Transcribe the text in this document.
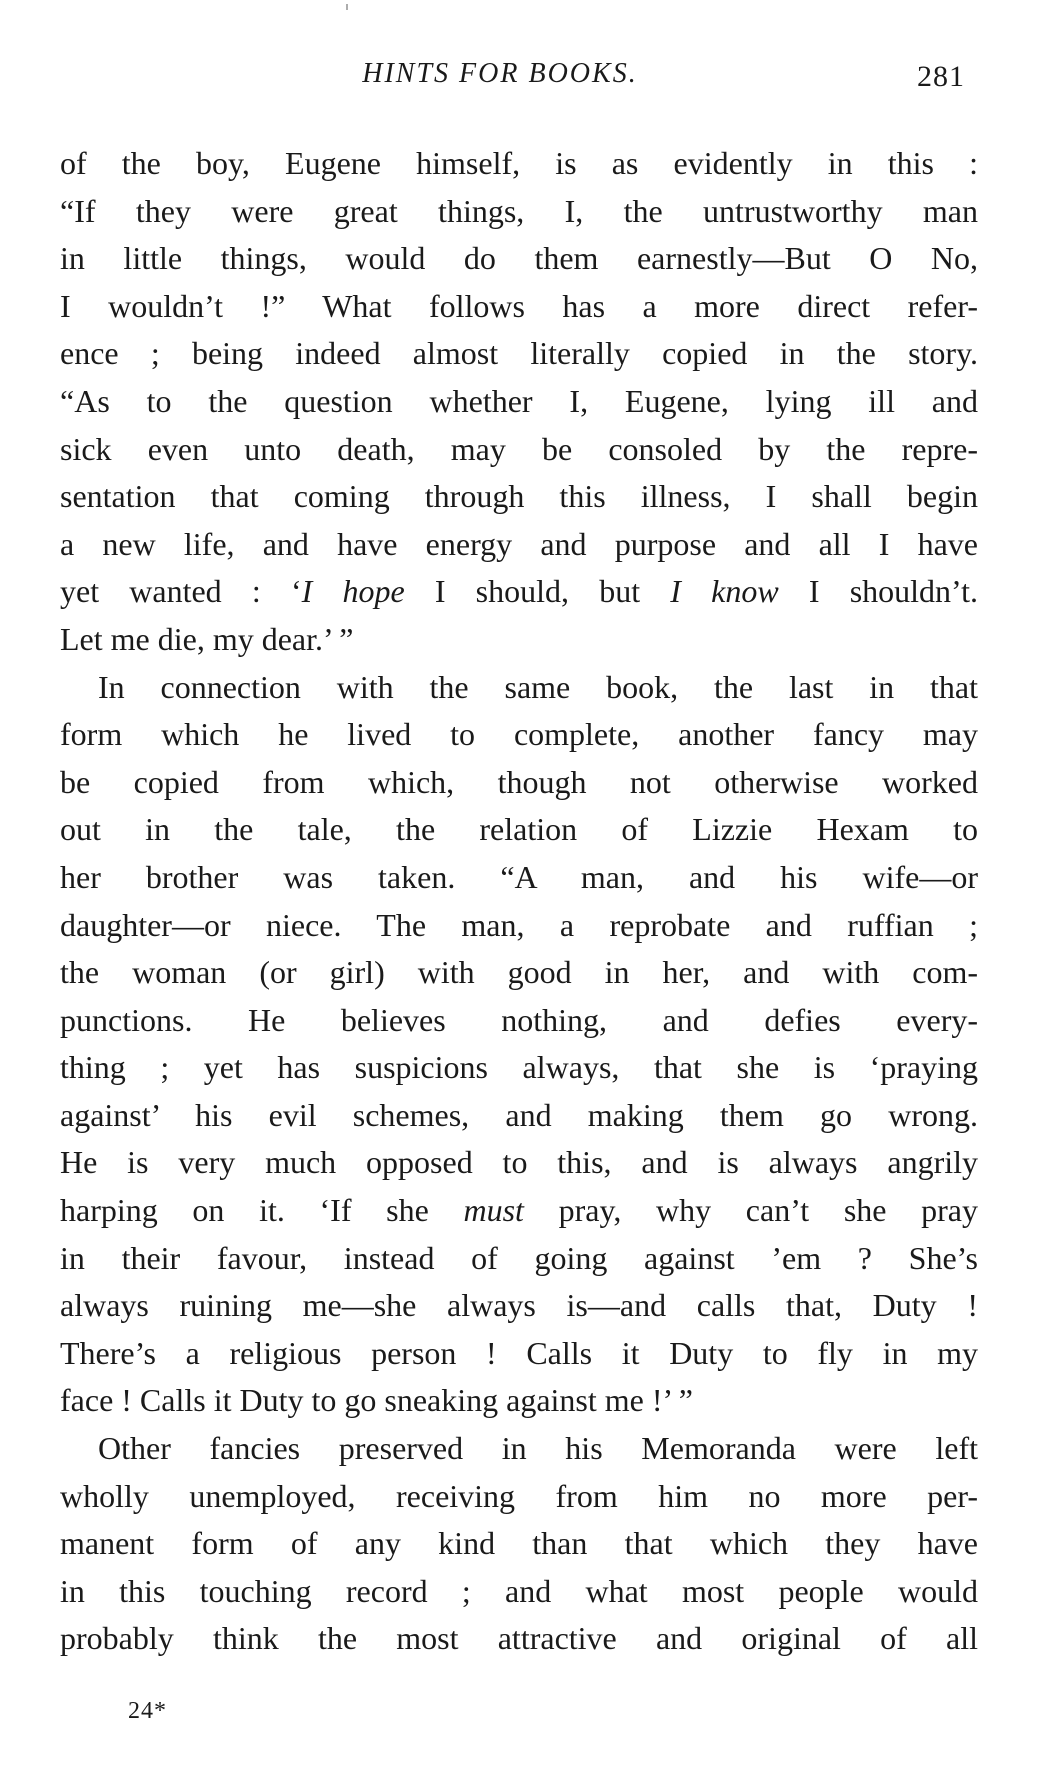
HINTS FOR BOOKS.	281
of the boy, Eugene himself, is as evidently in this :
“If they were great things, I, the untrustworthy man
in little things, would do them earnestly—But O No,
I wouldn’t !” What follows has a more direct refer-
ence ; being indeed almost literally copied in the story.
“As to the question whether I, Eugene, lying ill and
sick even unto death, may be consoled by the repre-
sentation that coming through this illness, I shall begin
a new life, and have energy and purpose and all I have
yet wanted : ‘I hope I should, but I know I shouldn’t.
Let me die, my dear.’ ”
In connection with the same book, the last in that
form which he lived to complete, another fancy may
be copied from which, though not otherwise worked
out in the tale, the relation of Lizzie Hexam to
her brother was taken. “A man, and his wife—or
daughter—or niece. The man, a reprobate and ruffian ;
the woman (or girl) with good in her, and with com-
punctions. He believes nothing, and defies every-
thing ; yet has suspicions always, that she is ‘praying
against’ his evil schemes, and making them go wrong.
He is very much opposed to this, and is always angrily
harping on it. ‘If she must pray, why can’t she pray
in their favour, instead of going against ’em ? She’s
always ruining me—she always is—and calls that, Duty !
There’s a religious person ! Calls it Duty to fly in my
face ! Calls it Duty to go sneaking against me !’ ”
Other fancies preserved in his Memoranda were left
wholly unemployed, receiving from him no more per-
manent form of any kind than that which they have
in this touching record ; and what most people would
probably think the most attractive and original of all
24*
